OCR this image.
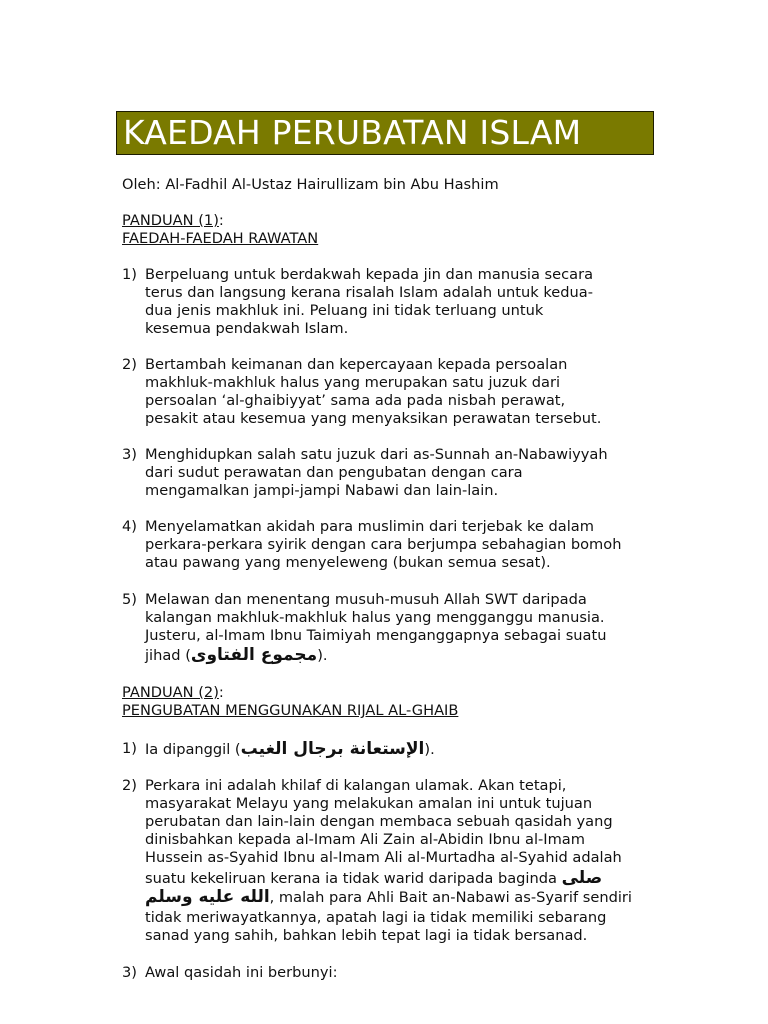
KAEDAH PERUBATAN ISLAM
Oleh: Al-Fadhil Al-Ustaz Hairullizam bin Abu Hashim
PANDUAN (1):
FAEDAH-FAEDAH RAWATAN
1) Berpeluang untuk berdakwah kepada jin dan manusia secara
terus dan langsung kerana risalah Islam adalah untuk kedua-
dua jenis makhluk ini. Peluang ini tidak terluang untuk
kesemua pendakwah Islam.
2) Bertambah keimanan dan kepercayaan kepada persoalan
makhluk-makhluk halus yang merupakan satu juzuk dari
persoalan ‘al-ghaibiyyat’ sama ada pada nisbah perawat,
pesakit atau kesemua yang menyaksikan perawatan tersebut.
3) Menghidupkan salah satu juzuk dari as-Sunnah an-Nabawiyyah
dari sudut perawatan dan pengubatan dengan cara
mengamalkan jampi-jampi Nabawi dan lain-lain.
4) Menyelamatkan akidah para muslimin dari terjebak ke dalam
perkara-perkara syirik dengan cara berjumpa sebahagian bomoh
atau pawang yang menyeleweng (bukan semua sesat).
5) Melawan dan menentang musuh-musuh Allah SWT daripada
kalangan makhluk-makhluk halus yang mengganggu manusia.
Justeru, al-Imam Ibnu Taimiyah menganggapnya sebagai suatu
jihad (مجموع الفتاوى).
PANDUAN (2):
PENGUBATAN MENGGUNAKAN RIJAL AL-GHAIB
1) Ia dipanggil (الإستعانة برجال الغيب).
2) Perkara ini adalah khilaf di kalangan ulamak. Akan tetapi,
masyarakat Melayu yang melakukan amalan ini untuk tujuan
perubatan dan lain-lain dengan membaca sebuah qasidah yang
dinisbahkan kepada al-Imam Ali Zain al-Abidin Ibnu al-Imam
Hussein as-Syahid Ibnu al-Imam Ali al-Murtadha al-Syahid adalah
suatu kekeliruan kerana ia tidak warid daripada baginda صلى
الله عليه وسلم, malah para Ahli Bait an-Nabawi as-Syarif sendiri
tidak meriwayatkannya, apatah lagi ia tidak memiliki sebarang
sanad yang sahih, bahkan lebih tepat lagi ia tidak bersanad.
3) Awal qasidah ini berbunyi:
